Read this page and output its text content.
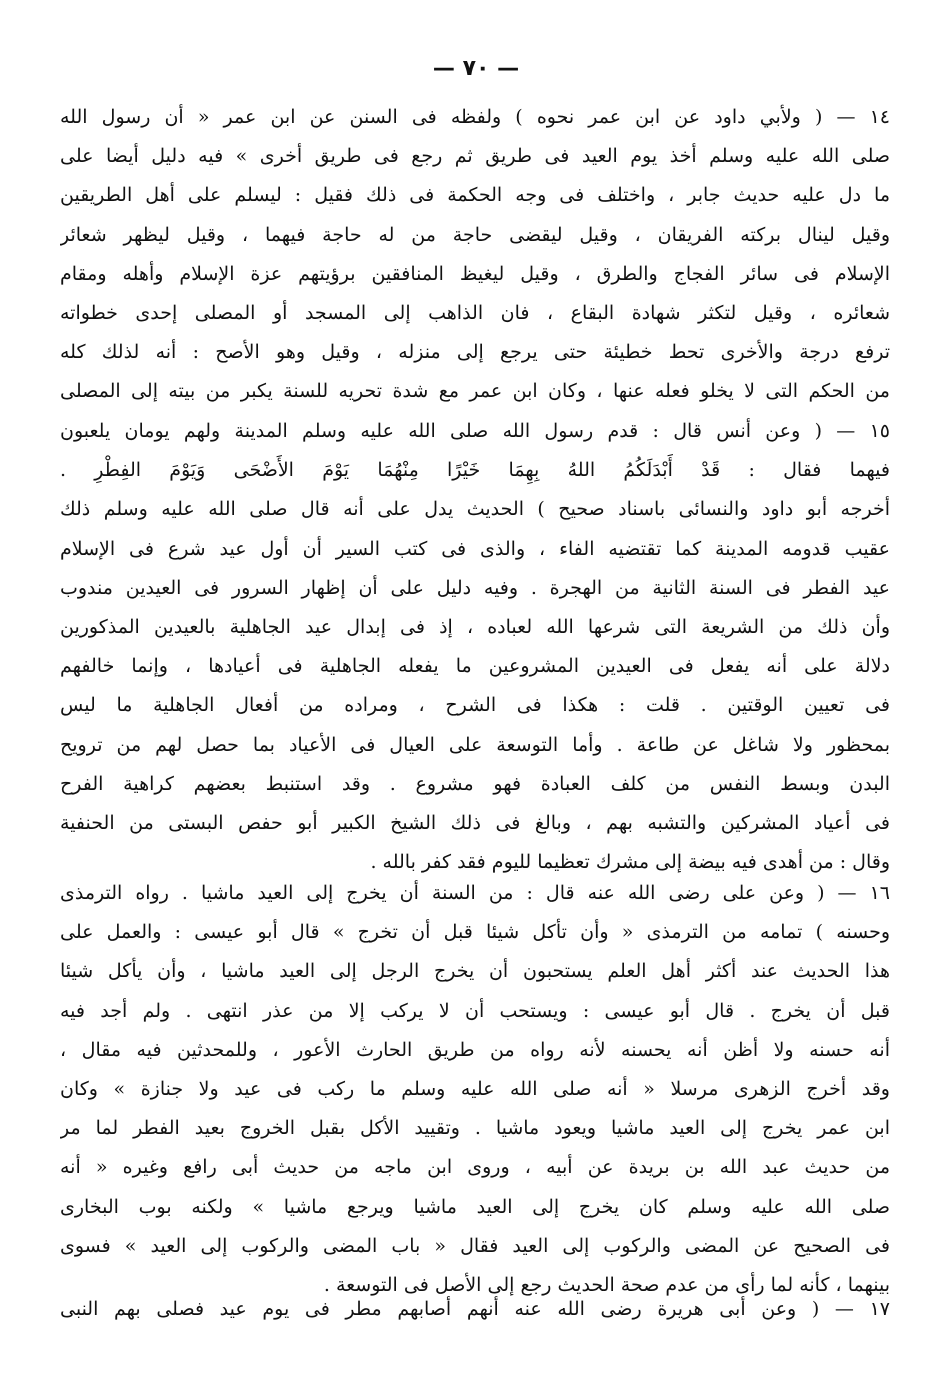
— ٧٠ —
١٤ — ( ولأبي داود عن ابن عمر نحوه ) ولفظه فى السنن عن ابن عمر « أن رسول الله
صلى الله عليه وسلم أخذ يوم العيد فى طريق ثم رجع فى طريق أخرى » فيه دليل أيضا على
ما دل عليه حديث جابر ، واختلف فى وجه الحكمة فى ذلك فقيل : ليسلم على أهل الطريقين
وقيل لينال بركته الفريقان ، وقيل ليقضى حاجة من له حاجة فيهما ، وقيل ليظهر شعائر
الإسلام فى سائر الفجاج والطرق ، وقيل ليغيظ المنافقين برؤيتهم عزة الإسلام وأهله ومقام
شعائره ، وقيل لتكثر شهادة البقاع ، فان الذاهب إلى المسجد أو المصلى إحدى خطواته
ترفع درجة والأخرى تحط خطيئة حتى يرجع إلى منزله ، وقيل وهو الأصح : أنه لذلك كله
من الحكم التى لا يخلو فعله عنها ، وكان ابن عمر مع شدة تحريه للسنة يكبر من بيته إلى المصلى
١٥ — ( وعن أنس قال : قدم رسول الله صلى الله عليه وسلم المدينة ولهم يومان يلعبون
فيهما فقال : قَدْ أَبْدَلَكُمُ اللهُ بِهِمَا خَيْرًا مِنْهُمَا يَوْمَ الأَضْحَى وَيَوْمَ الفِطْرِ .
أخرجه أبو داود والنسائى باسناد صحيح ) الحديث يدل على أنه قال صلى الله عليه وسلم ذلك
عقيب قدومه المدينة كما تقتضيه الفاء ، والذى فى كتب السير أن أول عيد شرع فى الإسلام
عيد الفطر فى السنة الثانية من الهجرة . وفيه دليل على أن إظهار السرور فى العيدين مندوب
وأن ذلك من الشريعة التى شرعها الله لعباده ، إذ فى إبدال عيد الجاهلية بالعيدين المذكورين
دلالة على أنه يفعل فى العيدين المشروعين ما يفعله الجاهلية فى أعيادها ، وإنما خالفهم
فى تعيين الوقتين . قلت : هكذا فى الشرح ، ومراده من أفعال الجاهلية ما ليس
بمحظور ولا شاغل عن طاعة . وأما التوسعة على العيال فى الأعياد بما حصل لهم من ترويح
البدن وبسط النفس من كلف العبادة فهو مشروع . وقد استنبط بعضهم كراهية الفرح
فى أعياد المشركين والتشبه بهم ، وبالغ فى ذلك الشيخ الكبير أبو حفص البستى من الحنفية
وقال : من أهدى فيه بيضة إلى مشرك تعظيما لليوم فقد كفر بالله .
١٦ — ( وعن على رضى الله عنه قال : من السنة أن يخرج إلى العيد ماشيا . رواه الترمذى
وحسنه ) تمامه من الترمذى « وأن تأكل شيئا قبل أن تخرج » قال أبو عيسى : والعمل على
هذا الحديث عند أكثر أهل العلم يستحبون أن يخرج الرجل إلى العيد ماشيا ، وأن يأكل شيئا
قبل أن يخرج . قال أبو عيسى : ويستحب أن لا يركب إلا من عذر انتهى . ولم أجد فيه
أنه حسنه ولا أظن أنه يحسنه لأنه رواه من طريق الحارث الأعور ، وللمحدثين فيه مقال ،
وقد أخرج الزهرى مرسلا « أنه صلى الله عليه وسلم ما ركب فى عيد ولا جنازة » وكان
ابن عمر يخرج إلى العيد ماشيا ويعود ماشيا . وتقييد الأكل بقبل الخروج بعيد الفطر لما مر
من حديث عبد الله بن بريدة عن أبيه ، وروى ابن ماجه من حديث أبى رافع وغيره « أنه
صلى الله عليه وسلم كان يخرج إلى العيد ماشيا ويرجع ماشيا » ولكنه بوب البخارى
فى الصحيح عن المضى والركوب إلى العيد فقال « باب المضى والركوب إلى العيد » فسوى
بينهما ، كأنه لما رأى من عدم صحة الحديث رجع إلى الأصل فى التوسعة .
١٧ — ( وعن أبى هريرة رضى الله عنه أنهم أصابهم مطر فى يوم عيد فصلى بهم النبى
